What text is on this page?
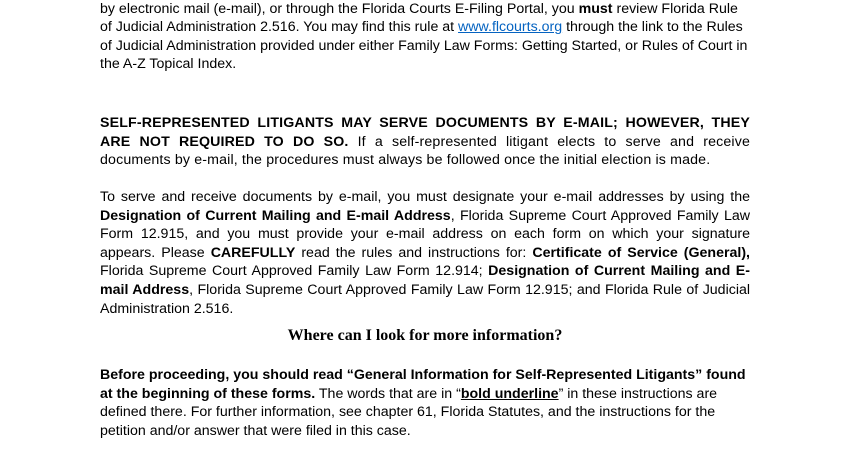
by electronic mail (e-mail), or through the Florida Courts E-Filing Portal, you must review Florida Rule of Judicial Administration 2.516. You may find this rule at www.flcourts.org through the link to the Rules of Judicial Administration provided under either Family Law Forms: Getting Started, or Rules of Court in the A-Z Topical Index.

SELF-REPRESENTED LITIGANTS MAY SERVE DOCUMENTS BY E-MAIL; HOWEVER, THEY ARE NOT REQUIRED TO DO SO. If a self-represented litigant elects to serve and receive documents by e-mail, the procedures must always be followed once the initial election is made.

To serve and receive documents by e-mail, you must designate your e-mail addresses by using the Designation of Current Mailing and E-mail Address, Florida Supreme Court Approved Family Law Form 12.915, and you must provide your e-mail address on each form on which your signature appears. Please CAREFULLY read the rules and instructions for: Certificate of Service (General), Florida Supreme Court Approved Family Law Form 12.914; Designation of Current Mailing and E-mail Address, Florida Supreme Court Approved Family Law Form 12.915; and Florida Rule of Judicial Administration 2.516.

Where can I look for more information?

Before proceeding, you should read “General Information for Self-Represented Litigants” found at the beginning of these forms. The words that are in “bold underline” in these instructions are defined there. For further information, see chapter 61, Florida Statutes, and the instructions for the petition and/or answer that were filed in this case.
